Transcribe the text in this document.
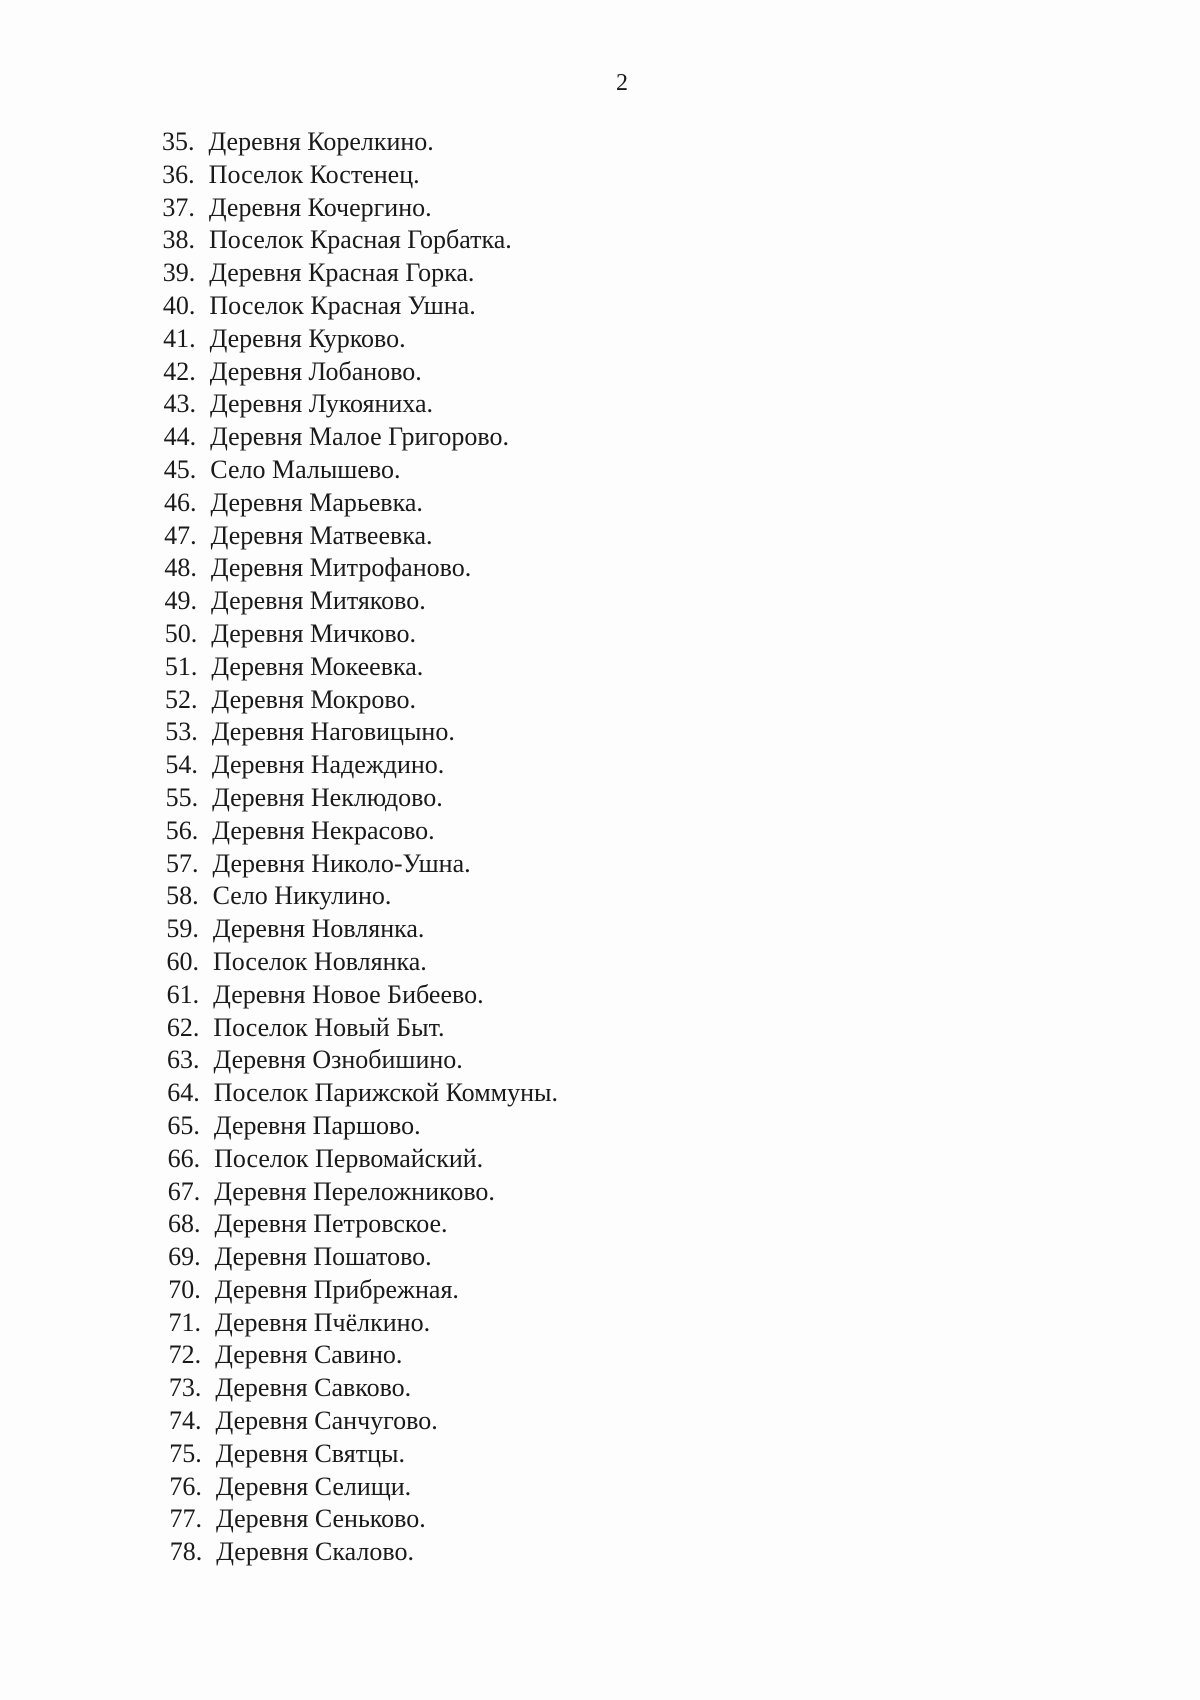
2
35. Деревня Корелкино.
36. Поселок Костенец.
37. Деревня Кочергино.
38. Поселок Красная Горбатка.
39. Деревня Красная Горка.
40. Поселок Красная Ушна.
41. Деревня Курково.
42. Деревня Лобаново.
43. Деревня Лукояниха.
44. Деревня Малое Григорово.
45. Село Малышево.
46. Деревня Марьевка.
47. Деревня Матвеевка.
48. Деревня Митрофаново.
49. Деревня Митяково.
50. Деревня Мичково.
51. Деревня Мокеевка.
52. Деревня Мокрово.
53. Деревня Наговицыно.
54. Деревня Надеждино.
55. Деревня Неклюдово.
56. Деревня Некрасово.
57. Деревня Николо-Ушна.
58. Село Никулино.
59. Деревня Новлянка.
60. Поселок Новлянка.
61. Деревня Новое Бибеево.
62. Поселок Новый Быт.
63. Деревня Ознобишино.
64. Поселок Парижской Коммуны.
65. Деревня Паршово.
66. Поселок Первомайский.
67. Деревня Переложниково.
68. Деревня Петровское.
69. Деревня Пошатово.
70. Деревня Прибрежная.
71. Деревня Пчёлкино.
72. Деревня Савино.
73. Деревня Савково.
74. Деревня Санчугово.
75. Деревня Святцы.
76. Деревня Селищи.
77. Деревня Сеньково.
78. Деревня Скалово.
